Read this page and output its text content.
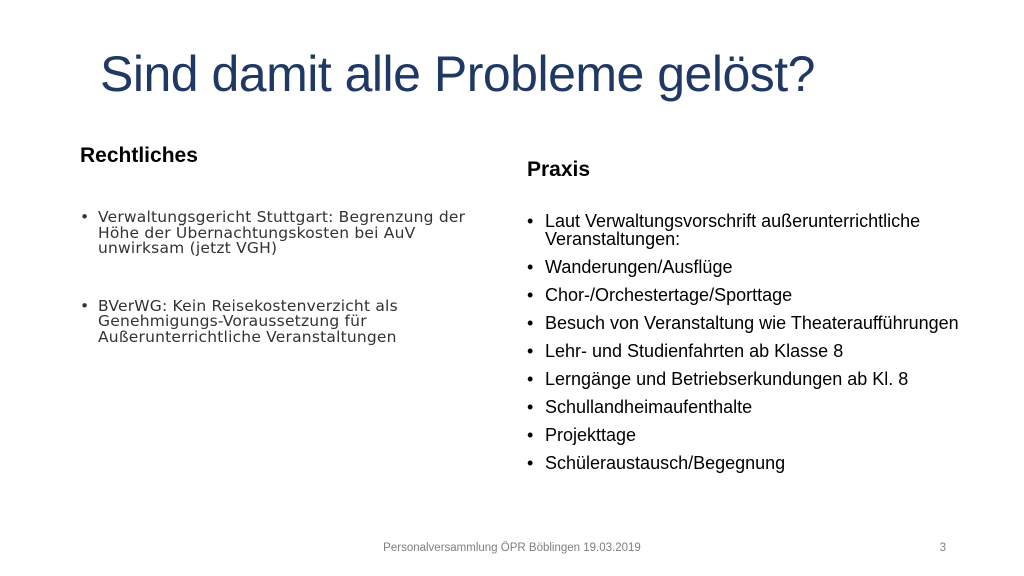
Sind damit alle Probleme gelöst?
Rechtliches
• Verwaltungsgericht Stuttgart: Begrenzung der Höhe der Übernachtungskosten bei AuV unwirksam (jetzt VGH)
• BVerWG: Kein Reisekostenverzicht als Genehmigungs-Voraussetzung für Außerunterrichtliche Veranstaltungen
Praxis
• Laut Verwaltungsvorschrift außerunterrichtliche Veranstaltungen:
• Wanderungen/Ausflüge
• Chor-/Orchestertage/Sporttage
• Besuch von Veranstaltung wie Theateraufführungen
• Lehr- und Studienfahrten ab Klasse 8
• Lerngänge und Betriebserkundungen ab Kl. 8
• Schullandheimaufenthalte
• Projekttage
• Schüleraustausch/Begegnung
Personalversammlung ÖPR Böblingen 19.03.2019	3
